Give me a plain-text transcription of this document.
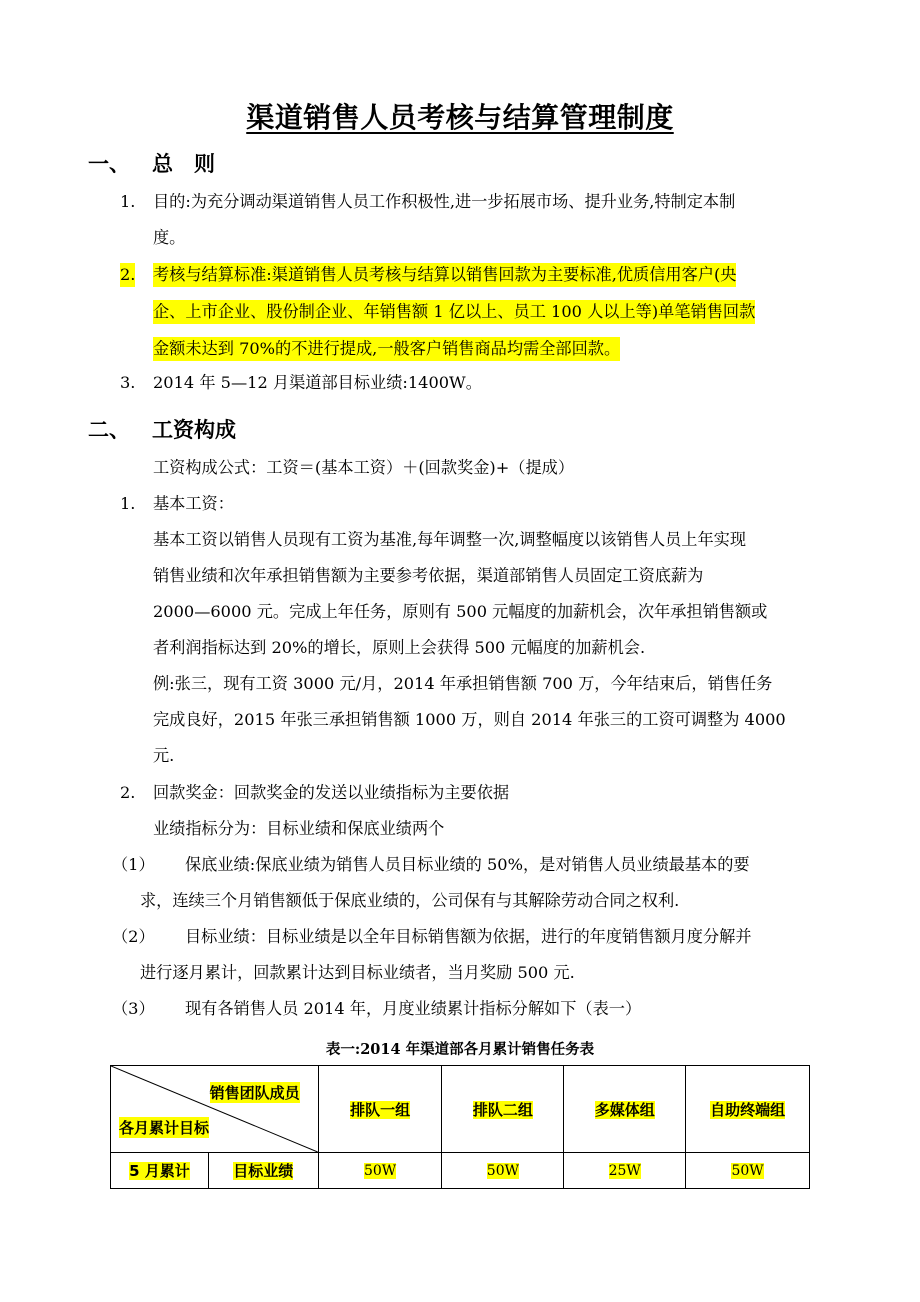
渠道销售人员考核与结算管理制度
一、 总　则
1. 目的:为充分调动渠道销售人员工作积极性,进一步拓展市场、提升业务,特制定本制
度。
2. 考核与结算标准:渠道销售人员考核与结算以销售回款为主要标准,优质信用客户(央
企、上市企业、股份制企业、年销售额 1 亿以上、员工 100 人以上等)单笔销售回款
金额未达到 70%的不进行提成,一般客户销售商品均需全部回款。
3. 2014 年 5—12 月渠道部目标业绩:1400W。
二、 工资构成
工资构成公式：工资＝(基本工资）＋(回款奖金)+（提成）
1. 基本工资：
基本工资以销售人员现有工资为基准,每年调整一次,调整幅度以该销售人员上年实现
销售业绩和次年承担销售额为主要参考依据，渠道部销售人员固定工资底薪为
2000—6000 元。完成上年任务，原则有 500 元幅度的加薪机会，次年承担销售额或
者利润指标达到 20%的增长，原则上会获得 500 元幅度的加薪机会.
例:张三，现有工资 3000 元/月，2014 年承担销售额 700 万，今年结束后，销售任务
完成良好，2015 年张三承担销售额 1000 万，则自 2014 年张三的工资可调整为 4000
元.
2. 回款奖金：回款奖金的发送以业绩指标为主要依据
业绩指标分为：目标业绩和保底业绩两个
（1） 保底业绩:保底业绩为销售人员目标业绩的 50%，是对销售人员业绩最基本的要
求，连续三个月销售额低于保底业绩的，公司保有与其解除劳动合同之权利.
（2） 目标业绩：目标业绩是以全年目标销售额为依据，进行的年度销售额月度分解并
进行逐月累计，回款累计达到目标业绩者，当月奖励 500 元.
（3） 现有各销售人员 2014 年，月度业绩累计指标分解如下（表一）
表一:2014 年渠道部各月累计销售任务表
销售团队成员
各月累计目标		排队一组	排队二组	多媒体组	自助终端组
5 月累计	目标业绩	50W	50W	25W	50W
